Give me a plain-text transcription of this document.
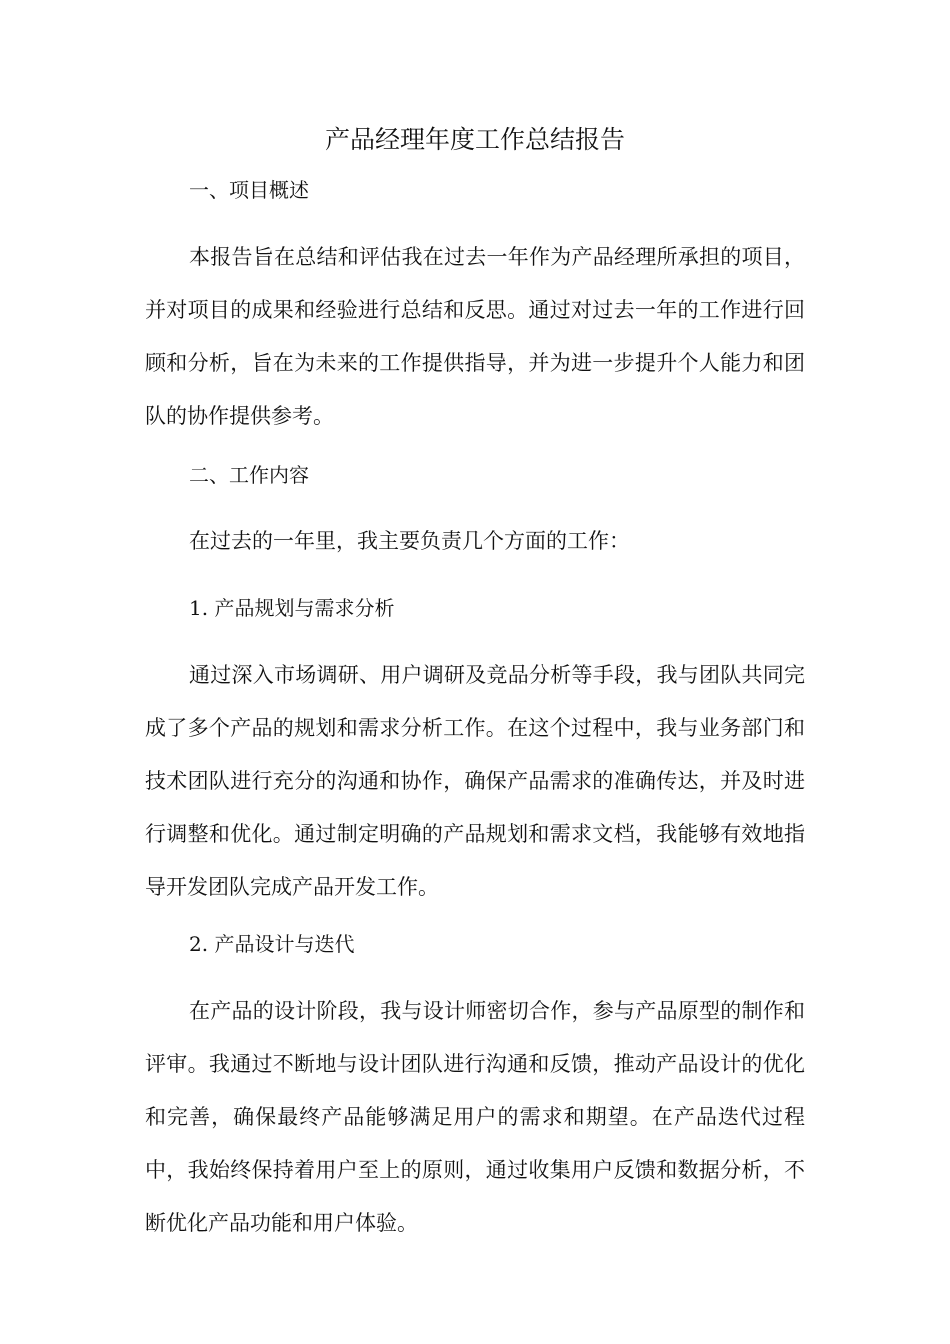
产品经理年度工作总结报告
一、项目概述

本报告旨在总结和评估我在过去一年作为产品经理所承担的项目，并对项目的成果和经验进行总结和反思。通过对过去一年的工作进行回顾和分析，旨在为未来的工作提供指导，并为进一步提升个人能力和团队的协作提供参考。

二、工作内容

在过去的一年里，我主要负责几个方面的工作：

1. 产品规划与需求分析

通过深入市场调研、用户调研及竞品分析等手段，我与团队共同完成了多个产品的规划和需求分析工作。在这个过程中，我与业务部门和技术团队进行充分的沟通和协作，确保产品需求的准确传达，并及时进行调整和优化。通过制定明确的产品规划和需求文档，我能够有效地指导开发团队完成产品开发工作。

2. 产品设计与迭代

在产品的设计阶段，我与设计师密切合作，参与产品原型的制作和评审。我通过不断地与设计团队进行沟通和反馈，推动产品设计的优化和完善，确保最终产品能够满足用户的需求和期望。在产品迭代过程中，我始终保持着用户至上的原则，通过收集用户反馈和数据分析，不断优化产品功能和用户体验。
